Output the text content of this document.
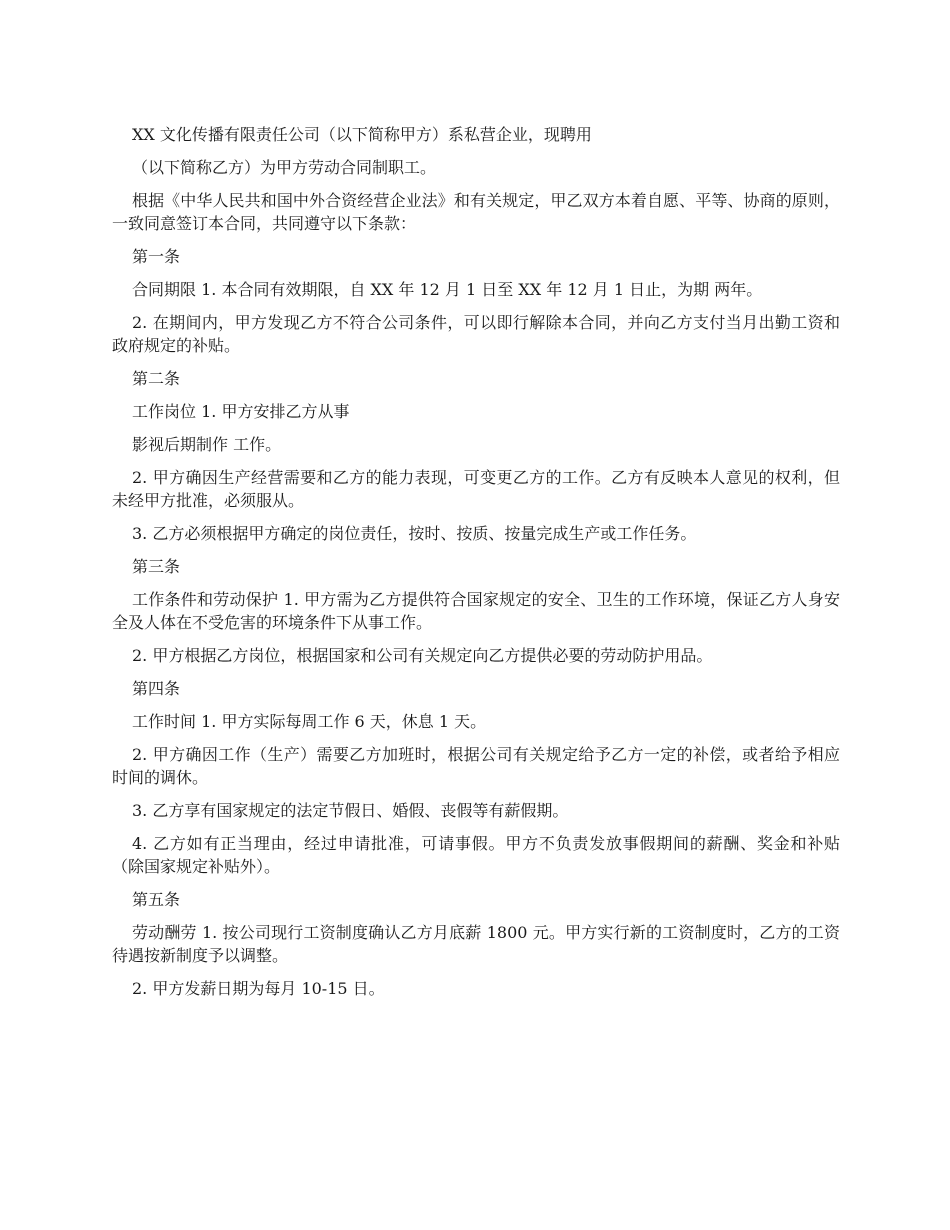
XX 文化传播有限责任公司（以下简称甲方）系私营企业，现聘用

（以下简称乙方）为甲方劳动合同制职工。

根据《中华人民共和国中外合资经营企业法》和有关规定，甲乙双方本着自愿、平等、协商的原则，一致同意签订本合同，共同遵守以下条款：

第一条

合同期限 1. 本合同有效期限，自 XX 年 12 月 1 日至 XX 年 12 月 1 日止，为期 两年。

2. 在期间内，甲方发现乙方不符合公司条件，可以即行解除本合同，并向乙方支付当月出勤工资和政府规定的补贴。

第二条

工作岗位 1. 甲方安排乙方从事

影视后期制作 工作。

2. 甲方确因生产经营需要和乙方的能力表现，可变更乙方的工作。乙方有反映本人意见的权利，但未经甲方批准，必须服从。

3. 乙方必须根据甲方确定的岗位责任，按时、按质、按量完成生产或工作任务。

第三条

工作条件和劳动保护 1. 甲方需为乙方提供符合国家规定的安全、卫生的工作环境，保证乙方人身安全及人体在不受危害的环境条件下从事工作。

2. 甲方根据乙方岗位，根据国家和公司有关规定向乙方提供必要的劳动防护用品。

第四条

工作时间 1. 甲方实际每周工作 6 天，休息 1 天。

2. 甲方确因工作（生产）需要乙方加班时，根据公司有关规定给予乙方一定的补偿，或者给予相应时间的调休。

3. 乙方享有国家规定的法定节假日、婚假、丧假等有薪假期。

4. 乙方如有正当理由，经过申请批准，可请事假。甲方不负责发放事假期间的薪酬、奖金和补贴（除国家规定补贴外）。

第五条

劳动酬劳 1. 按公司现行工资制度确认乙方月底薪 1800 元。甲方实行新的工资制度时，乙方的工资待遇按新制度予以调整。

2. 甲方发薪日期为每月 10-15 日。
